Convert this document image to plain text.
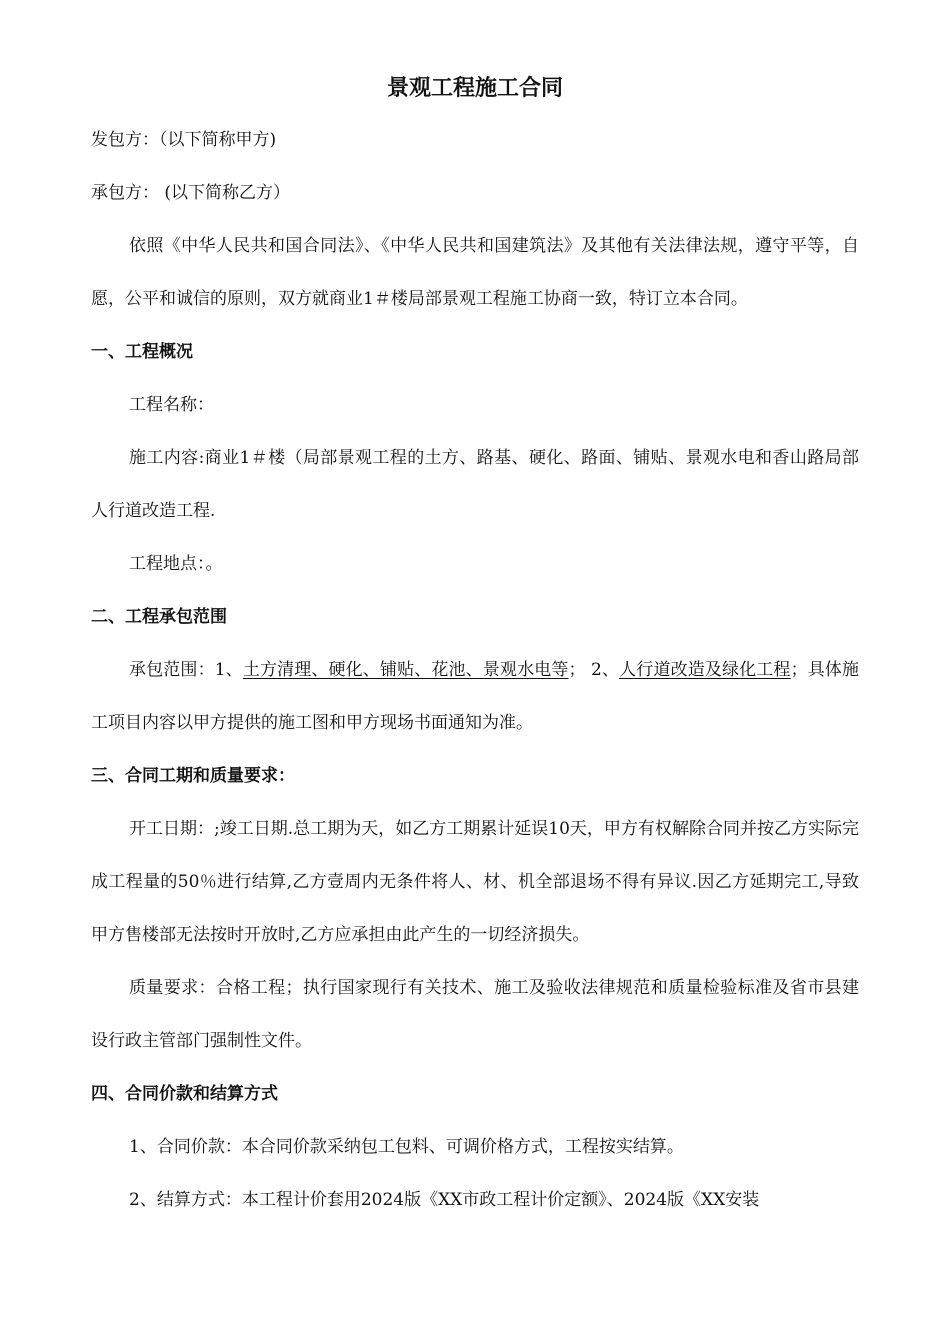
景观工程施工合同

发包方：（以下简称甲方)

承包方： (以下简称乙方）

依照《中华人民共和国合同法》、《中华人民共和国建筑法》及其他有关法律法规，遵守平等，自愿，公平和诚信的原则，双方就商业1＃楼局部景观工程施工协商一致，特订立本合同。

一、工程概况

工程名称：

施工内容:商业1＃楼（局部景观工程的土方、路基、硬化、路面、铺贴、景观水电和香山路局部人行道改造工程.

工程地点：。

二、工程承包范围

承包范围：1、土方清理、硬化、铺贴、花池、景观水电等； 2、人行道改造及绿化工程；具体施工项目内容以甲方提供的施工图和甲方现场书面通知为准。

三、合同工期和质量要求：

开工日期：;竣工日期.总工期为天，如乙方工期累计延误10天，甲方有权解除合同并按乙方实际完成工程量的50％进行结算,乙方壹周内无条件将人、材、机全部退场不得有异议.因乙方延期完工,导致甲方售楼部无法按时开放时,乙方应承担由此产生的一切经济损失。

质量要求：合格工程；执行国家现行有关技术、施工及验收法律规范和质量检验标准及省市县建设行政主管部门强制性文件。

四、合同价款和结算方式

1、合同价款：本合同价款采纳包工包料、可调价格方式，工程按实结算。

2、结算方式：本工程计价套用2024版《XX市政工程计价定额》、2024版《XX安装
